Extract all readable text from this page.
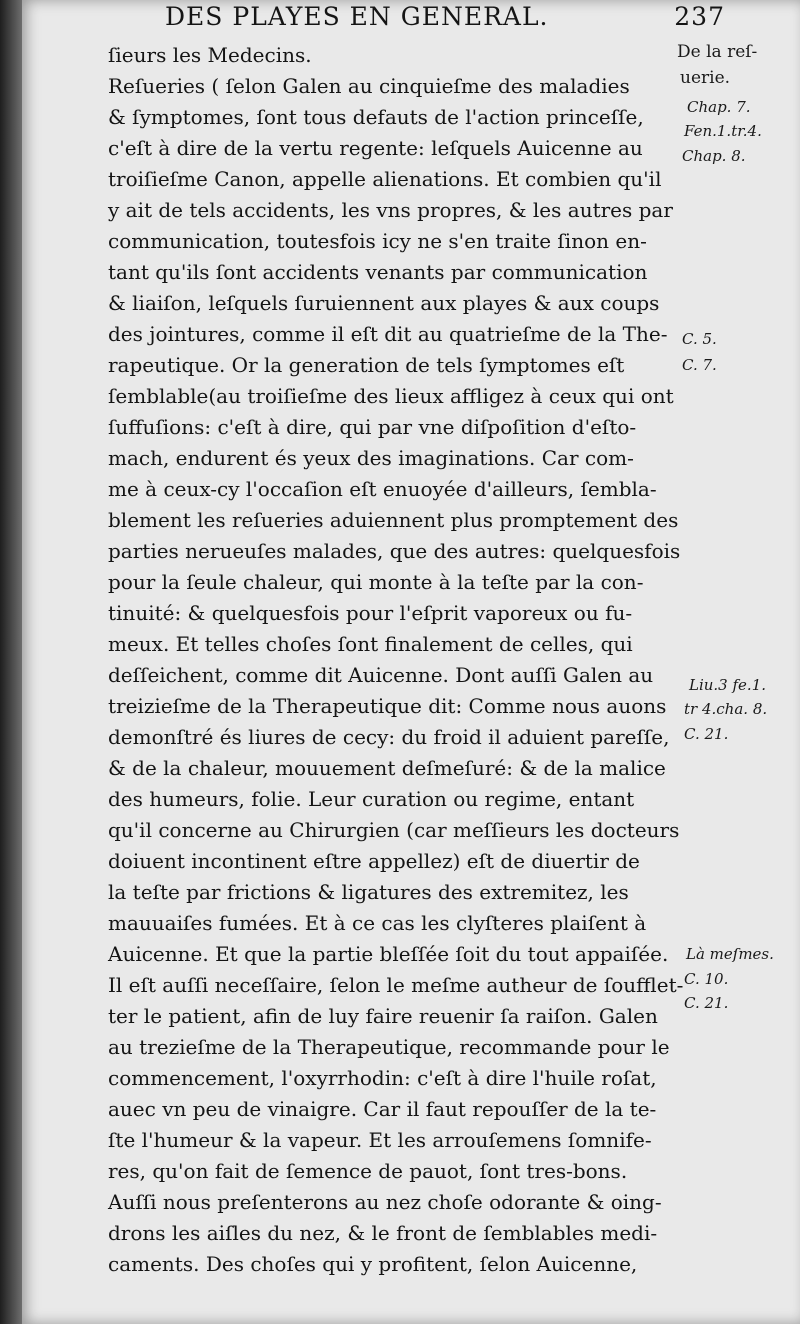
DES PLAYES EN GENERAL.	237
ſieurs les Medecins.
Reſueries ( ſelon Galen au cinquieſme des maladies
& ſymptomes, ſont tous defauts de l'action princeſſe,
c'eſt à dire de la vertu regente: leſquels Auicenne au
troiſieſme Canon, appelle alienations. Et combien qu'il
y ait de tels accidents, les vns propres, & les autres par
communication, toutesfois icy ne s'en traite ſinon en-
tant qu'ils ſont accidents venants par communication
& liaiſon, leſquels ſuruiennent aux playes & aux coups
des jointures, comme il eſt dit au quatrieſme de la The-
rapeutique. Or la generation de tels ſymptomes eſt
ſemblable(au troiſieſme des lieux affligez à ceux qui ont
ſuffuſions: c'eſt à dire, qui par vne diſpoſition d'eſto-
mach, endurent és yeux des imaginations. Car com-
me à ceux-cy l'occaſion eſt enuoyée d'ailleurs, ſembla-
blement les reſueries aduiennent plus promptement des
parties nerueuſes malades, que des autres: quelquesfois
pour la ſeule chaleur, qui monte à la teſte par la con-
tinuité: & quelquesfois pour l'eſprit vaporeux ou fu-
meux. Et telles choſes ſont finalement de celles, qui
deſſeichent, comme dit Auicenne. Dont auſſi Galen au
treizieſme de la Therapeutique dit: Comme nous auons
demonſtré és liures de cecy: du froid il aduient pareſſe,
& de la chaleur, mouuement deſmeſuré: & de la malice
des humeurs, folie. Leur curation ou regime, entant
qu'il concerne au Chirurgien (car meſſieurs les docteurs
doiuent incontinent eſtre appellez) eſt de diuertir de
la teſte par frictions & ligatures des extremitez, les
mauuaiſes fumées. Et à ce cas les clyſteres plaiſent à
Auicenne. Et que la partie bleſſée ſoit du tout appaiſée.
Il eſt auſſi neceſſaire, ſelon le meſme autheur de ſoufflet-
ter le patient, afin de luy faire reuenir ſa raiſon. Galen
au trezieſme de la Therapeutique, recommande pour le
commencement, l'oxyrrhodin: c'eſt à dire l'huile roſat,
auec vn peu de vinaigre. Car il faut repouſſer de la te-
ſte l'humeur & la vapeur. Et les arrouſemens ſomnife-
res, qu'on fait de ſemence de pauot, ſont tres-bons.
Auſſi nous preſenterons au nez choſe odorante & oing-
drons les aiſles du nez, & le front de ſemblables medi-
caments. Des choſes qui y profitent, ſelon Auicenne,
De la reſ-
uerie.
Chap. 7.
Fen.1.tr.4.
Chap. 8.
C. 5.
C. 7.
Liu.3 fe.1.
tr 4.cha. 8.
C. 21.
Là meſmes.
C. 10.
C. 21.
